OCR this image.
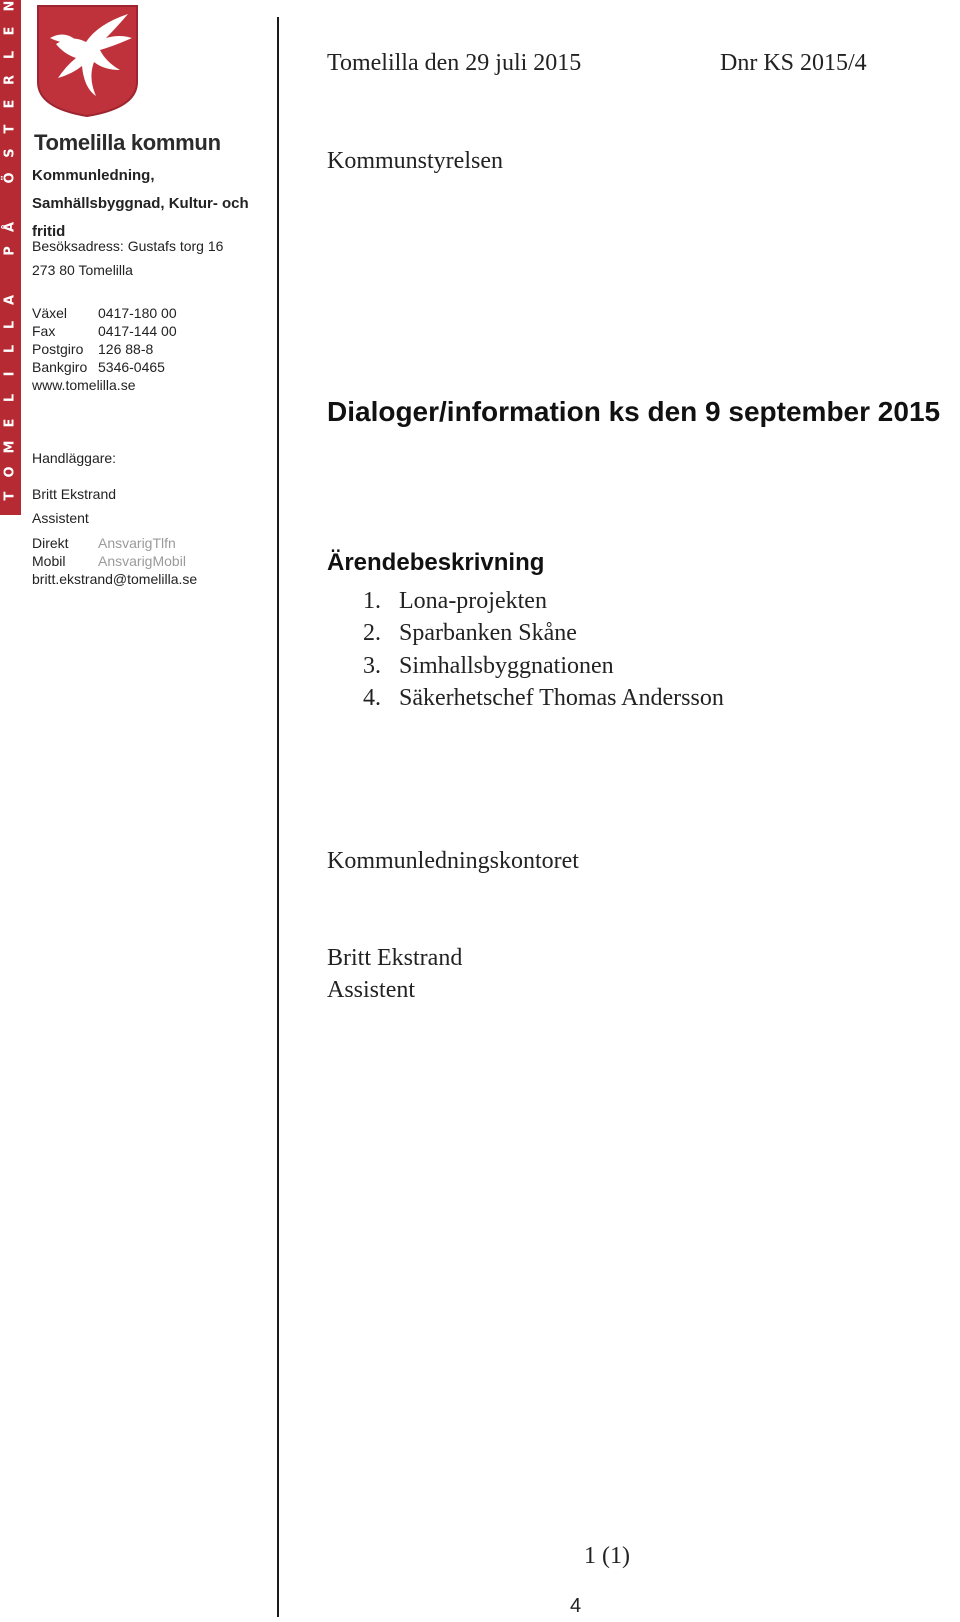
T
O
M
E
L
I
L
L
A
P
Å
Ö
S
T
E
R
L
E
N
Tomelilla kommun
Kommunledning, Samhällsbyggnad, Kultur- och fritid
Besöksadress: Gustafs torg 16
273 80 Tomelilla
Växel 0417-180 00
Fax	0417-144 00
Postgiro 126 88-8
Bankgiro 5346-0465
www.tomelilla.se
Handläggare:
Britt Ekstrand
Assistent
Direkt AnsvarigTlfn
Mobil AnsvarigMobil
britt.ekstrand@tomelilla.se
Tomelilla den 29 juli 2015	Dnr KS 2015/4
Kommunstyrelsen
Dialoger/information ks den 9 september 2015
Ärendebeskrivning
1. Lona-projekten
2. Sparbanken Skåne
3. Simhallsbyggnationen
4. Säkerhetschef Thomas Andersson
Kommunledningskontoret
Britt Ekstrand
Assistent
1 (1)
4
